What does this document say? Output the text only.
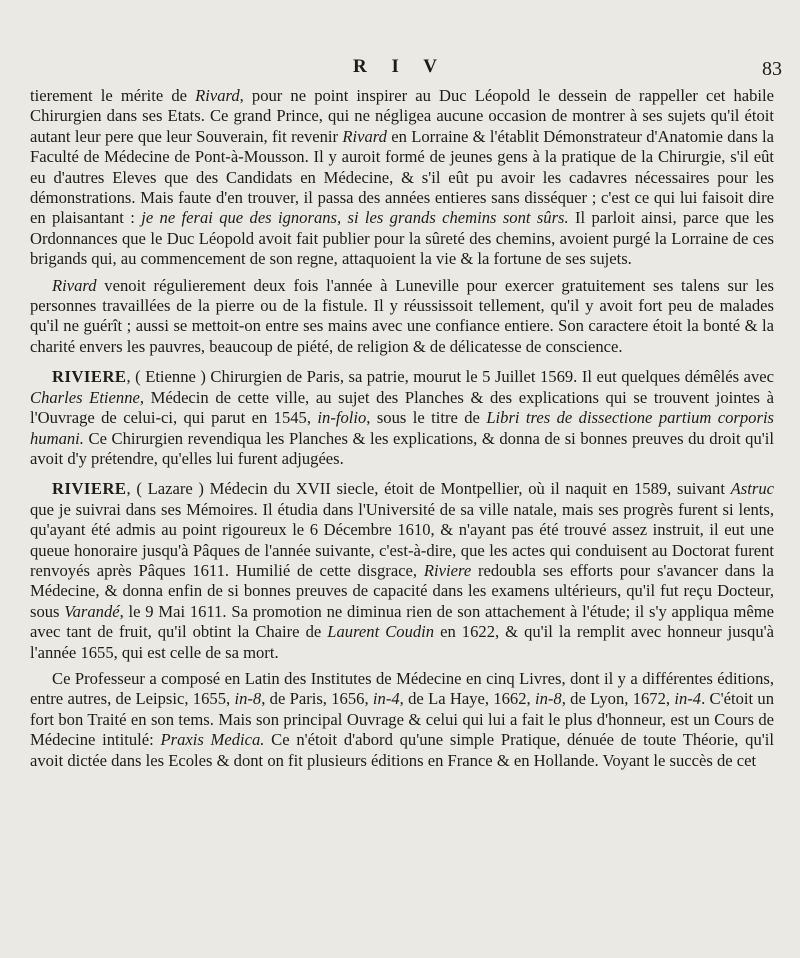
R I V	83

tierement le mérite de Rivard, pour ne point inspirer au Duc Léopold le dessein de rappeller cet habile Chirurgien dans ses Etats. Ce grand Prince, qui ne négligea aucune occasion de montrer à ses sujets qu'il étoit autant leur pere que leur Souverain, fit revenir Rivard en Lorraine & l'établit Démonstrateur d'Anatomie dans la Faculté de Médecine de Pont-à-Mousson. Il y auroit formé de jeunes gens à la pratique de la Chirurgie, s'il eût eu d'autres Eleves que des Candidats en Médecine, & s'il eût pu avoir les cadavres nécessaires pour les démonstrations. Mais faute d'en trouver, il passa des années entieres sans disséquer ; c'est ce qui lui faisoit dire en plaisantant : je ne ferai que des ignorans, si les grands chemins sont sûrs. Il parloit ainsi, parce que les Ordonnances que le Duc Léopold avoit fait publier pour la sûreté des chemins, avoient purgé la Lorraine de ces brigands qui, au commencement de son regne, attaquoient la vie & la fortune de ses sujets.

Rivard venoit régulierement deux fois l'année à Luneville pour exercer gratuitement ses talens sur les personnes travaillées de la pierre ou de la fistule. Il y réussissoit tellement, qu'il y avoit fort peu de malades qu'il ne guérît ; aussi se mettoit-on entre ses mains avec une confiance entiere. Son caractere étoit la bonté & la charité envers les pauvres, beaucoup de piété, de religion & de délicatesse de conscience.

RIVIERE, ( Etienne ) Chirurgien de Paris, sa patrie, mourut le 5 Juillet 1569. Il eut quelques démêlés avec Charles Etienne, Médecin de cette ville, au sujet des Planches & des explications qui se trouvent jointes à l'Ouvrage de celui-ci, qui parut en 1545, in-folio, sous le titre de Libri tres de dissectione partium corporis humani. Ce Chirurgien revendiqua les Planches & les explications, & donna de si bonnes preuves du droit qu'il avoit d'y prétendre, qu'elles lui furent adjugées.

RIVIERE, ( Lazare ) Médecin du XVII siecle, étoit de Montpellier, où il naquit en 1589, suivant Astruc que je suivrai dans ses Mémoires. Il étudia dans l'Université de sa ville natale, mais ses progrès furent si lents, qu'ayant été admis au point rigoureux le 6 Décembre 1610, & n'ayant pas été trouvé assez instruit, il eut une queue honoraire jusqu'à Pâques de l'année suivante, c'est-à-dire, que les actes qui conduisent au Doctorat furent renvoyés après Pâques 1611. Humilié de cette disgrace, Riviere redoubla ses efforts pour s'avancer dans la Médecine, & donna enfin de si bonnes preuves de capacité dans les examens ultérieurs, qu'il fut reçu Docteur, sous Varandé, le 9 Mai 1611. Sa promotion ne diminua rien de son attachement à l'étude; il s'y appliqua même avec tant de fruit, qu'il obtint la Chaire de Laurent Coudin en 1622, & qu'il la remplit avec honneur jusqu'à l'année 1655, qui est celle de sa mort.

Ce Professeur a composé en Latin des Institutes de Médecine en cinq Livres, dont il y a différentes éditions, entre autres, de Leipsic, 1655, in-8, de Paris, 1656, in-4, de La Haye, 1662, in-8, de Lyon, 1672, in-4. C'étoit un fort bon Traité en son tems. Mais son principal Ouvrage & celui qui lui a fait le plus d'honneur, est un Cours de Médecine intitulé: Praxis Medica. Ce n'étoit d'abord qu'une simple Pratique, dénuée de toute Théorie, qu'il avoit dictée dans les Ecoles & dont on fit plusieurs éditions en France & en Hollande. Voyant le succès de cet
